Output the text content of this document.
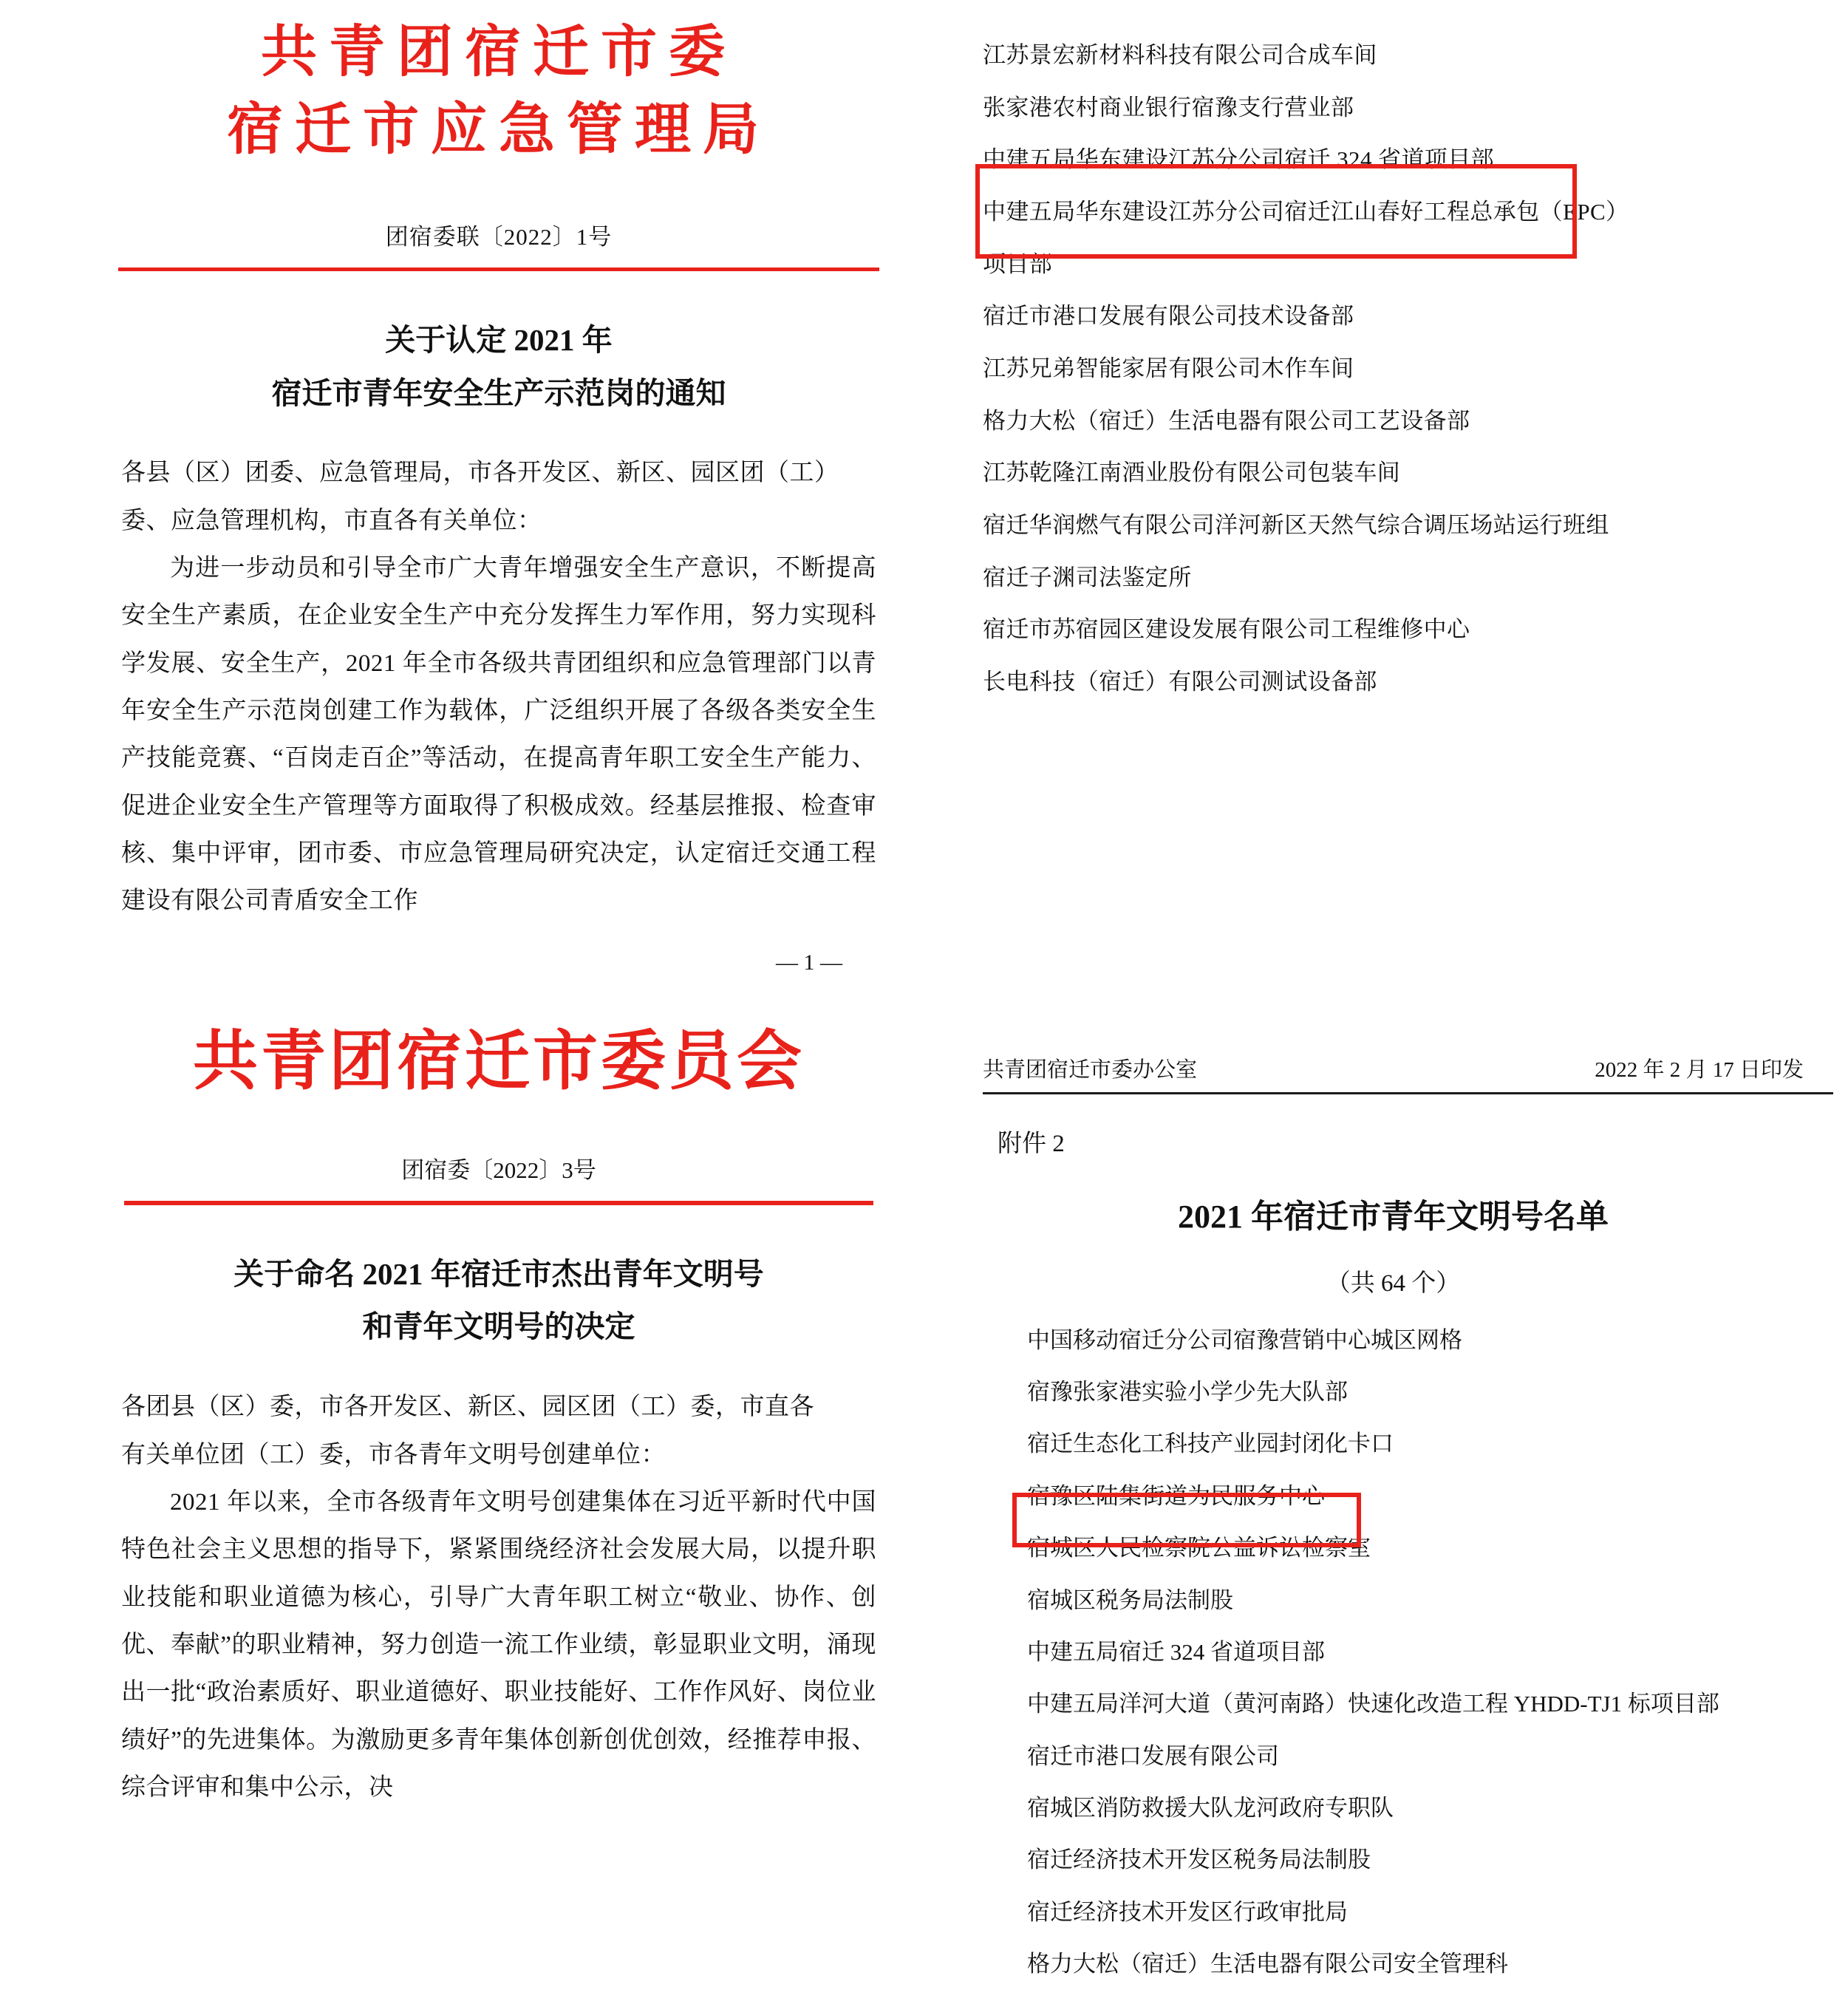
共青团宿迁市委
宿迁市应急管理局
团宿委联〔2022〕1号
关于认定 2021 年
宿迁市青年安全生产示范岗的通知

各县（区）团委、应急管理局，市各开发区、新区、园区团（工）

委、应急管理机构，市直各有关单位：

为进一步动员和引导全市广大青年增强安全生产意识，不断提高安全生产素质，在企业安全生产中充分发挥生力军作用，努力实现科学发展、安全生产，2021 年全市各级共青团组织和应急管理部门以青年安全生产示范岗创建工作为载体，广泛组织开展了各级各类安全生产技能竞赛、“百岗走百企”等活动，在提高青年职工安全生产能力、促进企业安全生产管理等方面取得了积极成效。经基层推报、检查审核、集中评审，团市委、市应急管理局研究决定，认定宿迁交通工程建设有限公司青盾安全工作

— 1 —
共青团宿迁市委员会
团宿委〔2022〕3号
关于命名 2021 年宿迁市杰出青年文明号
和青年文明号的决定

各团县（区）委，市各开发区、新区、园区团（工）委，市直各

有关单位团（工）委，市各青年文明号创建单位：

2021 年以来，全市各级青年文明号创建集体在习近平新时代中国特色社会主义思想的指导下，紧紧围绕经济社会发展大局，以提升职业技能和职业道德为核心，引导广大青年职工树立“敬业、协作、创优、奉献”的职业精神，努力创造一流工作业绩，彰显职业文明，涌现出一批“政治素质好、职业道德好、职业技能好、工作作风好、岗位业绩好”的先进集体。为激励更多青年集体创新创优创效，经推荐申报、综合评审和集中公示，决

江苏景宏新材料科技有限公司合成车间
张家港农村商业银行宿豫支行营业部
中建五局华东建设江苏分公司宿迁 324 省道项目部
中建五局华东建设江苏分公司宿迁江山春好工程总承包（EPC）
项目部
宿迁市港口发展有限公司技术设备部
江苏兄弟智能家居有限公司木作车间
格力大松（宿迁）生活电器有限公司工艺设备部
江苏乾隆江南酒业股份有限公司包装车间
宿迁华润燃气有限公司洋河新区天然气综合调压场站运行班组
宿迁子渊司法鉴定所
宿迁市苏宿园区建设发展有限公司工程维修中心
长电科技（宿迁）有限公司测试设备部
共青团宿迁市委办公室	2022 年 2 月 17 日印发
附件 2
2021 年宿迁市青年文明号名单
（共 64 个）
中国移动宿迁分公司宿豫营销中心城区网格
宿豫张家港实验小学少先大队部
宿迁生态化工科技产业园封闭化卡口
宿豫区陆集街道为民服务中心
宿城区人民检察院公益诉讼检察室
宿城区税务局法制股
中建五局宿迁 324 省道项目部
中建五局洋河大道（黄河南路）快速化改造工程 YHDD-TJ1 标项目部
宿迁市港口发展有限公司
宿城区消防救援大队龙河政府专职队
宿迁经济技术开发区税务局法制股
宿迁经济技术开发区行政审批局
格力大松（宿迁）生活电器有限公司安全管理科
